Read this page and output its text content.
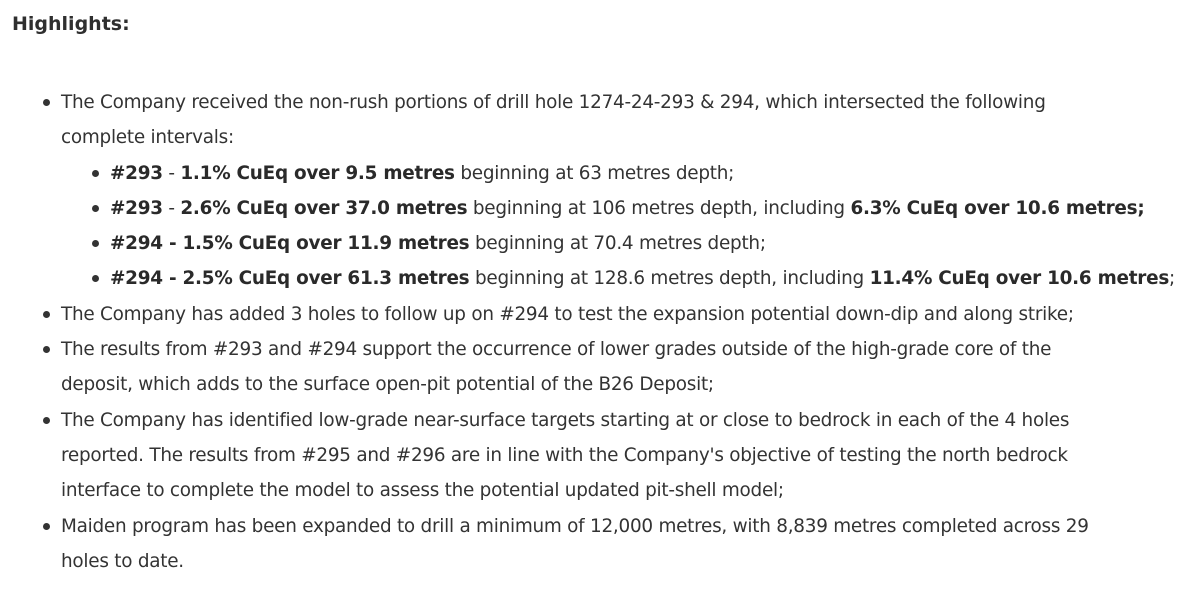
Highlights:
The Company received the non-rush portions of drill hole 1274-24-293 & 294, which intersected the following
complete intervals:
#293 - 1.1% CuEq over 9.5 metres beginning at 63 metres depth;
#293 - 2.6% CuEq over 37.0 metres beginning at 106 metres depth, including 6.3% CuEq over 10.6 metres;
#294 - 1.5% CuEq over 11.9 metres beginning at 70.4 metres depth;
#294 - 2.5% CuEq over 61.3 metres beginning at 128.6 metres depth, including 11.4% CuEq over 10.6 metres;
The Company has added 3 holes to follow up on #294 to test the expansion potential down-dip and along strike;
The results from #293 and #294 support the occurrence of lower grades outside of the high-grade core of the
deposit, which adds to the surface open-pit potential of the B26 Deposit;
The Company has identified low-grade near-surface targets starting at or close to bedrock in each of the 4 holes
reported. The results from #295 and #296 are in line with the Company's objective of testing the north bedrock
interface to complete the model to assess the potential updated pit-shell model;
Maiden program has been expanded to drill a minimum of 12,000 metres, with 8,839 metres completed across 29
holes to date.
